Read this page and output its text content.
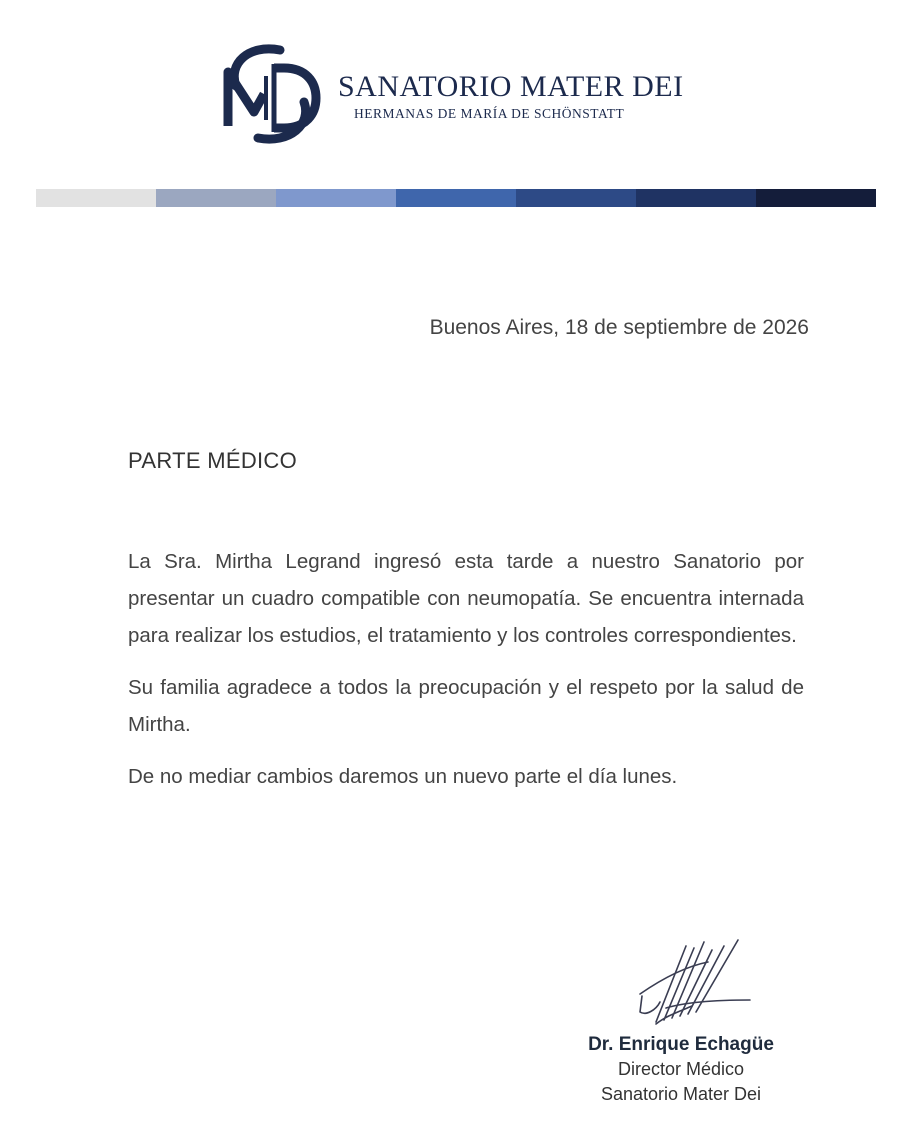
SANATORIO MATER DEI
HERMANAS DE MARÍA DE SCHÖNSTATT
Buenos Aires, 18 de septiembre de 2026
PARTE MÉDICO

La Sra. Mirtha Legrand ingresó esta tarde a nuestro Sanatorio por presentar un cuadro compatible con neumopatía. Se encuentra internada para realizar los estudios, el tratamiento y los controles correspondientes.

Su familia agradece a todos la preocupación y el respeto por la salud de Mirtha.

De no mediar cambios daremos un nuevo parte el día lunes.

Dr. Enrique Echagüe
Director Médico
Sanatorio Mater Dei
